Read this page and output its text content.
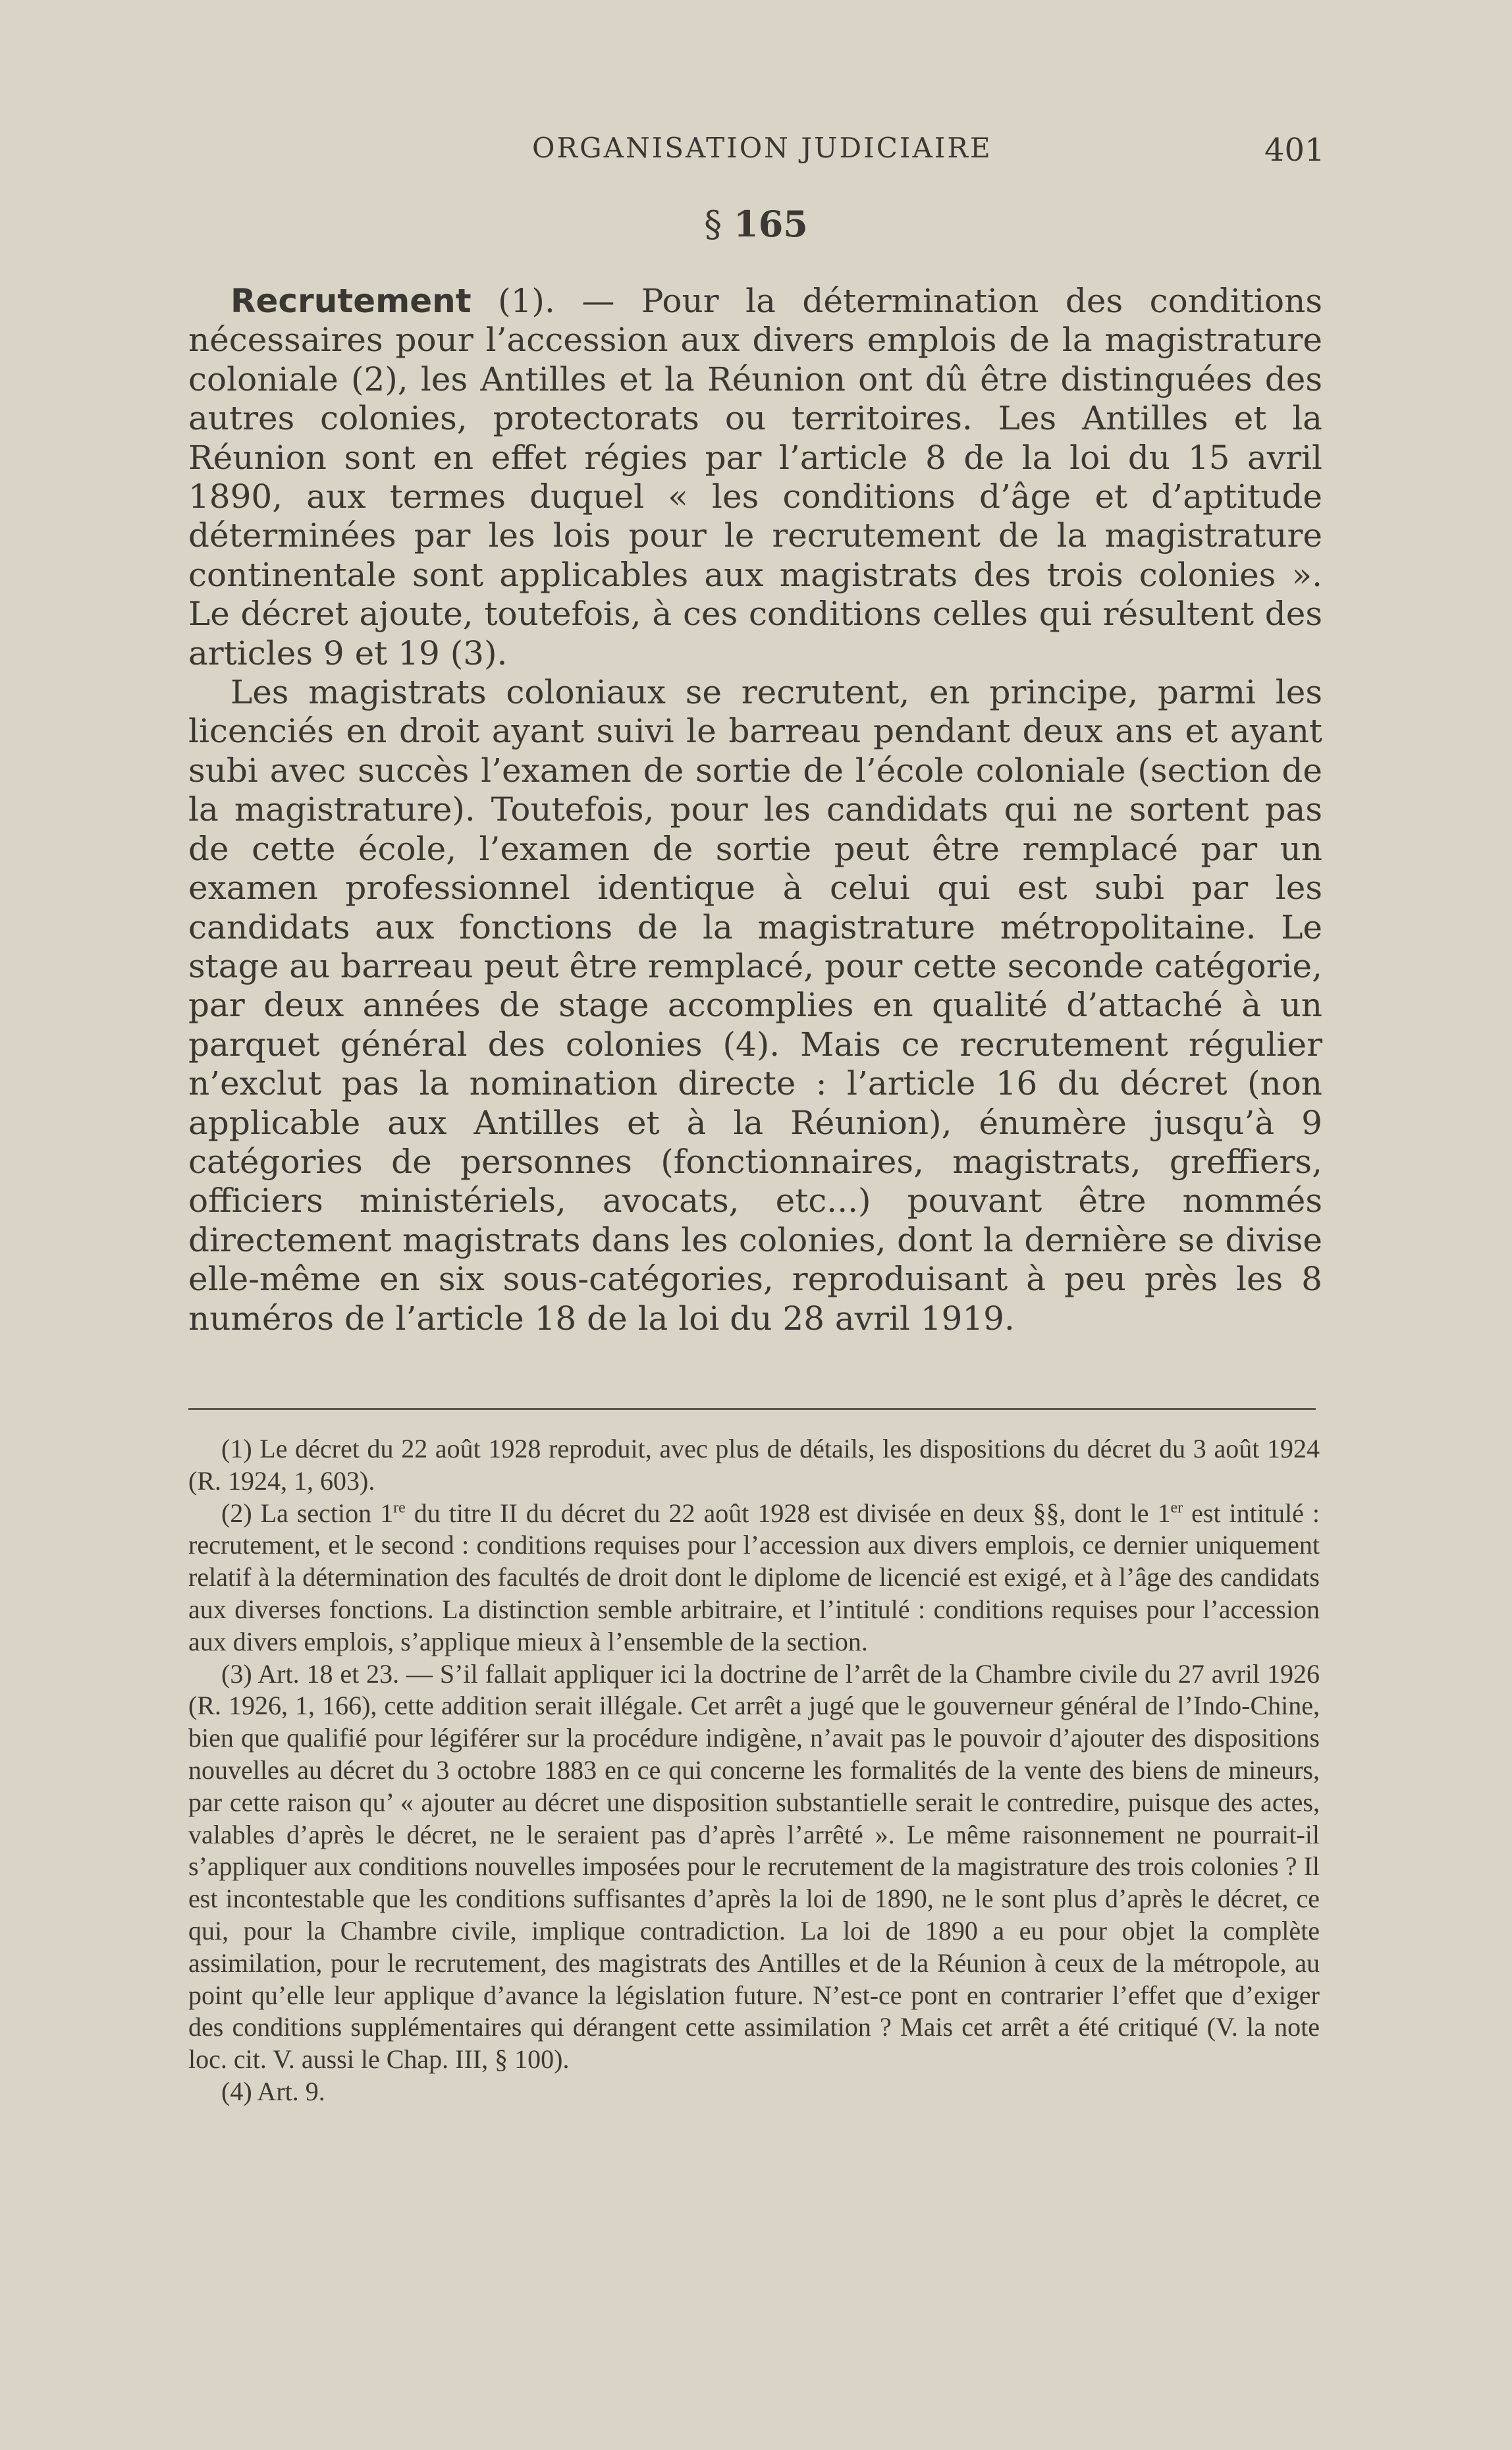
ORGANISATION JUDICIAIRE	401
§ 165

Recrutement (1). — Pour la détermination des conditions nécessaires pour l’accession aux divers emplois de la magistrature coloniale (2), les Antilles et la Réunion ont dû être distinguées des autres colonies, protectorats ou territoires. Les Antilles et la Réunion sont en effet régies par l’article 8 de la loi du 15 avril 1890, aux termes duquel « les conditions d’âge et d’aptitude déterminées par les lois pour le recrutement de la magistrature continentale sont applicables aux magistrats des trois colonies ». Le décret ajoute, toutefois, à ces conditions celles qui résultent des articles 9 et 19 (3).

Les magistrats coloniaux se recrutent, en principe, parmi les licenciés en droit ayant suivi le barreau pendant deux ans et ayant subi avec succès l’examen de sortie de l’école coloniale (section de la magistrature). Toutefois, pour les candidats qui ne sortent pas de cette école, l’examen de sortie peut être remplacé par un examen professionnel identique à celui qui est subi par les candidats aux fonctions de la magistrature métropolitaine. Le stage au barreau peut être remplacé, pour cette seconde catégorie, par deux années de stage accomplies en qualité d’attaché à un parquet général des colonies (4). Mais ce recrutement régulier n’exclut pas la nomination directe : l’article 16 du décret (non applicable aux Antilles et à la Réunion), énumère jusqu’à 9 catégories de personnes (fonctionnaires, magistrats, greffiers, officiers ministériels, avocats, etc...) pouvant être nommés directement magistrats dans les colonies, dont la dernière se divise elle-même en six sous-catégories, reproduisant à peu près les 8 numéros de l’article 18 de la loi du 28 avril 1919.

(1) Le décret du 22 août 1928 reproduit, avec plus de détails, les dispositions du décret du 3 août 1924 (R. 1924, 1, 603).

(2) La section 1re du titre II du décret du 22 août 1928 est divisée en deux §§, dont le 1er est intitulé : recrutement, et le second : conditions requises pour l’accession aux divers emplois, ce dernier uniquement relatif à la détermination des facultés de droit dont le diplome de licencié est exigé, et à l’âge des candidats aux diverses fonctions. La distinction semble arbitraire, et l’intitulé : conditions requises pour l’accession aux divers emplois, s’applique mieux à l’ensemble de la section.

(3) Art. 18 et 23. — S’il fallait appliquer ici la doctrine de l’arrêt de la Chambre civile du 27 avril 1926 (R. 1926, 1, 166), cette addition serait illégale. Cet arrêt a jugé que le gouverneur général de l’Indo-Chine, bien que qualifié pour légiférer sur la procédure indigène, n’avait pas le pouvoir d’ajouter des dispositions nouvelles au décret du 3 octobre 1883 en ce qui concerne les formalités de la vente des biens de mineurs, par cette raison qu’ « ajouter au décret une disposition substantielle serait le contredire, puisque des actes, valables d’après le décret, ne le seraient pas d’après l’arrêté ». Le même raisonnement ne pourrait-il s’appliquer aux conditions nouvelles imposées pour le recrutement de la magistrature des trois colonies ? Il est incontestable que les conditions suffisantes d’après la loi de 1890, ne le sont plus d’après le décret, ce qui, pour la Chambre civile, implique contradiction. La loi de 1890 a eu pour objet la complète assimilation, pour le recrutement, des magistrats des Antilles et de la Réunion à ceux de la métropole, au point qu’elle leur applique d’avance la législation future. N’est-ce pont en contrarier l’effet que d’exiger des conditions supplémentaires qui dérangent cette assimilation ? Mais cet arrêt a été critiqué (V. la note loc. cit. V. aussi le Chap. III, § 100).

(4) Art. 9.
